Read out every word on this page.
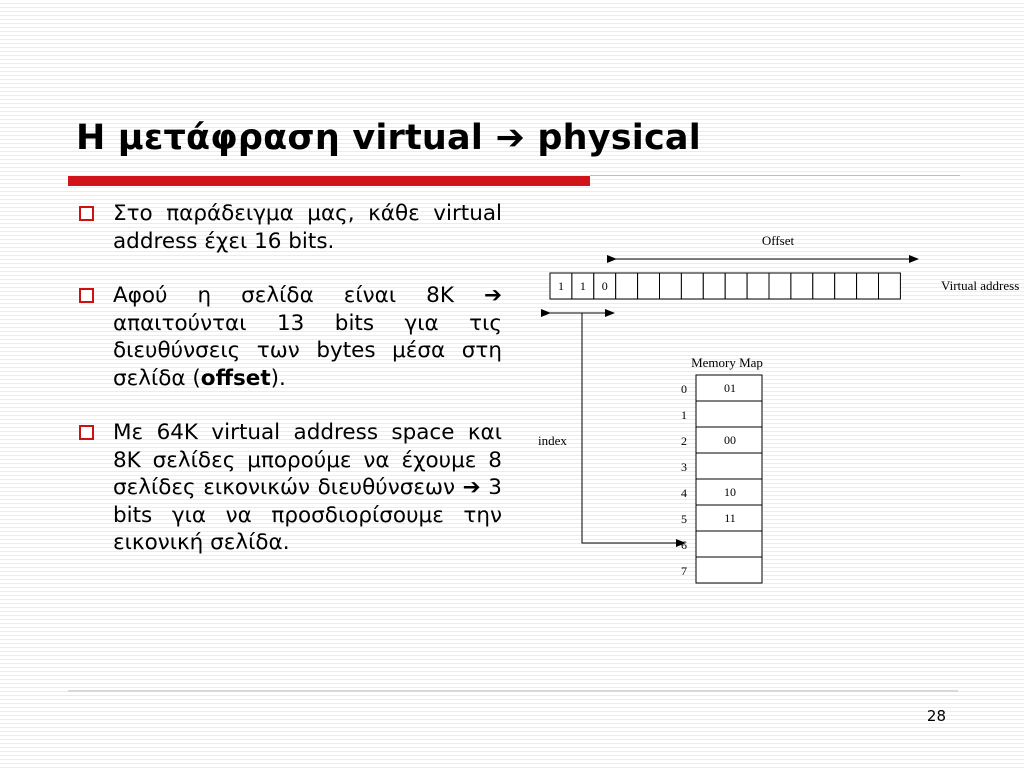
Η μετάφραση virtual ➔ physical
Στο παράδειγμα μας, κάθε virtual address έχει 16 bits.
Αφού η σελίδα είναι 8Κ ➔ απαιτούνται 13 bits για τις διευθύνσεις των bytes μέσα στη σελίδα (offset).
Με 64Κ virtual address space και 8Κ σελίδες μπορούμε να έχουμε 8 σελίδες εικονικών διευθύνσεων ➔ 3 bits για να προσδιορίσουμε την εικονική σελίδα.
Offset
1 1 0	Virtual address
index
Memory Map
0	01
1
2	00
3
4	10
5	11
6
7
28
